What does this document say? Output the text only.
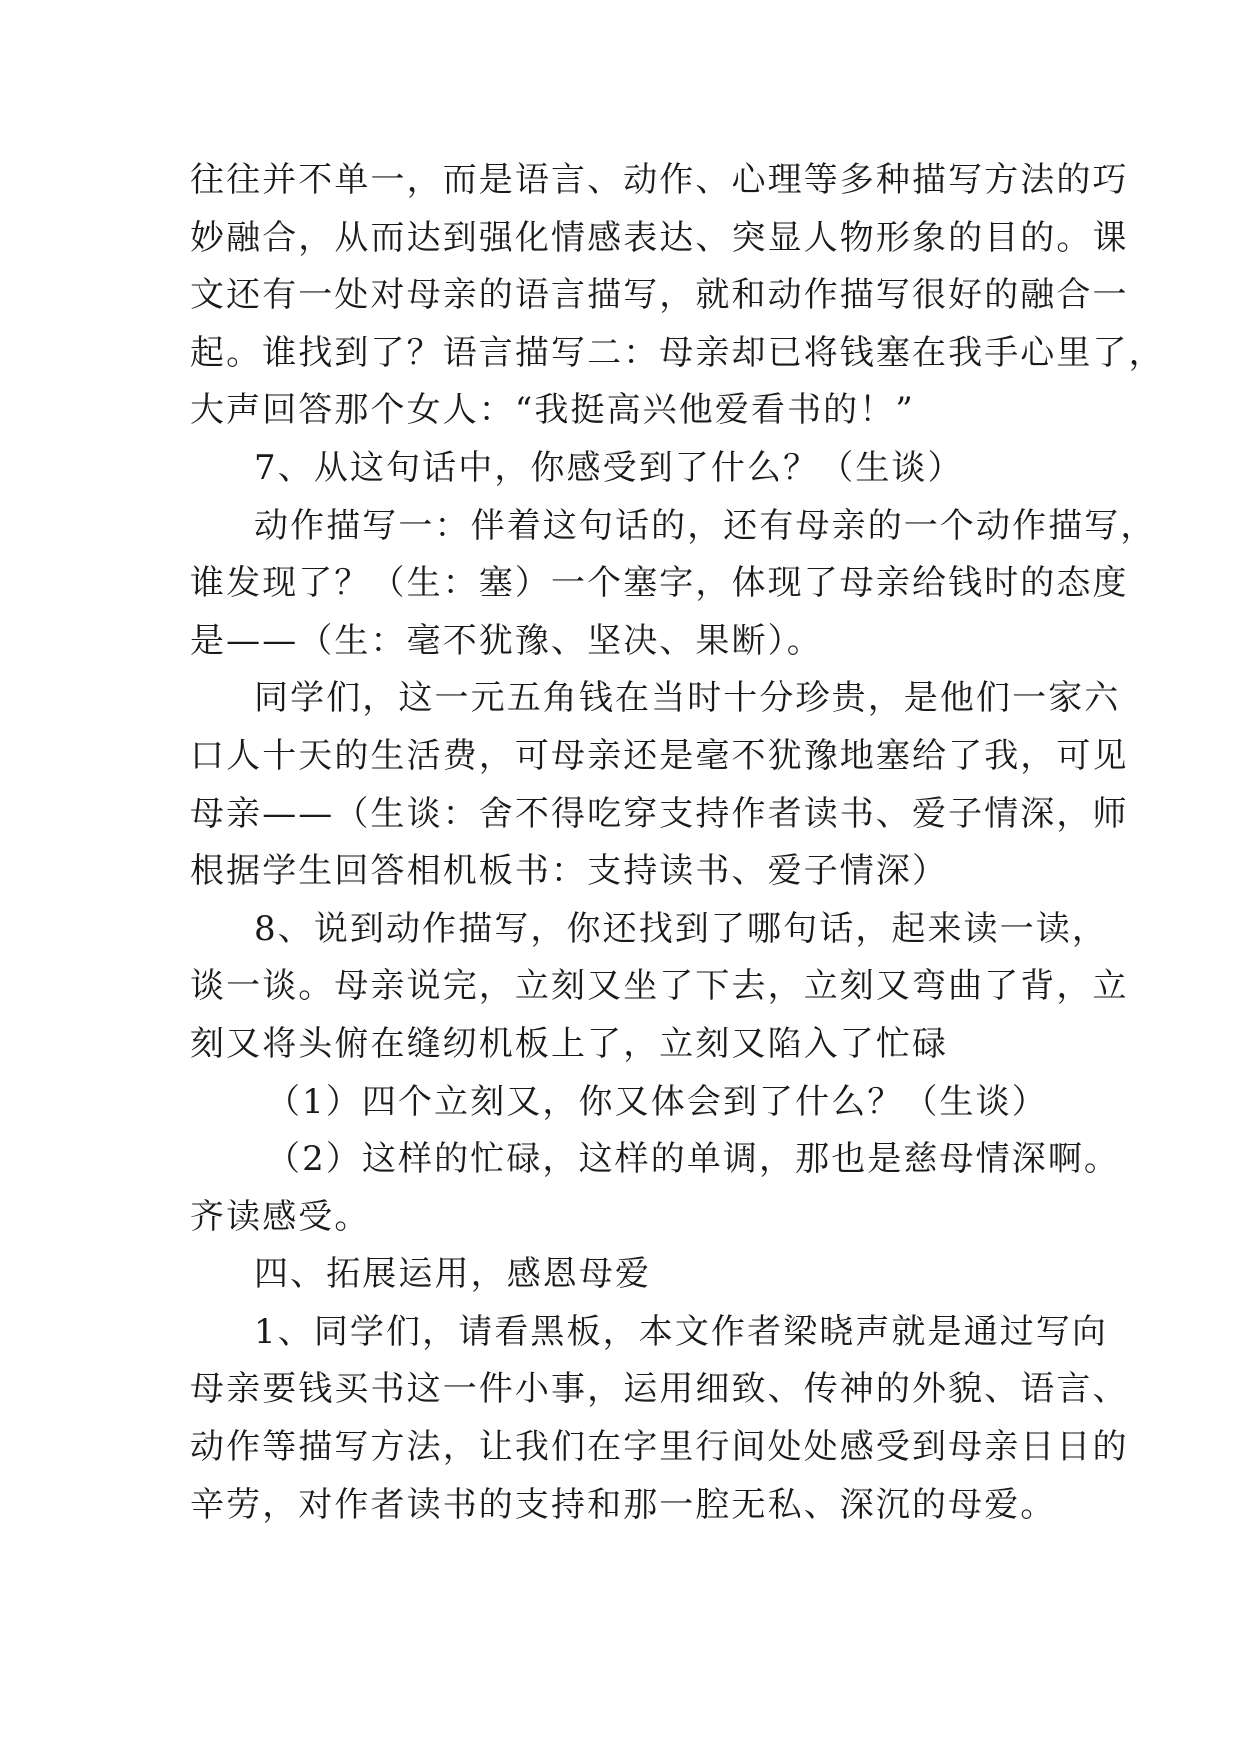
往往并不单一，而是语言、动作、心理等多种描写方法的巧
妙融合，从而达到强化情感表达、突显人物形象的目的。课
文还有一处对母亲的语言描写，就和动作描写很好的融合一
起。谁找到了？语言描写二：母亲却已将钱塞在我手心里了，
大声回答那个女人：“我挺高兴他爱看书的！”
7、从这句话中，你感受到了什么？（生谈）
动作描写一：伴着这句话的，还有母亲的一个动作描写，
谁发现了？（生：塞）一个塞字，体现了母亲给钱时的态度
是——（生：毫不犹豫、坚决、果断）。
同学们，这一元五角钱在当时十分珍贵，是他们一家六
口人十天的生活费，可母亲还是毫不犹豫地塞给了我，可见
母亲——（生谈：舍不得吃穿支持作者读书、爱子情深，师
根据学生回答相机板书：支持读书、爱子情深）
8、说到动作描写，你还找到了哪句话，起来读一读，
谈一谈。母亲说完，立刻又坐了下去，立刻又弯曲了背，立
刻又将头俯在缝纫机板上了，立刻又陷入了忙碌
（1）四个立刻又，你又体会到了什么？（生谈）
（2）这样的忙碌，这样的单调，那也是慈母情深啊。
齐读感受。
四、拓展运用，感恩母爱
1、同学们，请看黑板，本文作者梁晓声就是通过写向
母亲要钱买书这一件小事，运用细致、传神的外貌、语言、
动作等描写方法，让我们在字里行间处处感受到母亲日日的
辛劳，对作者读书的支持和那一腔无私、深沉的母爱。
